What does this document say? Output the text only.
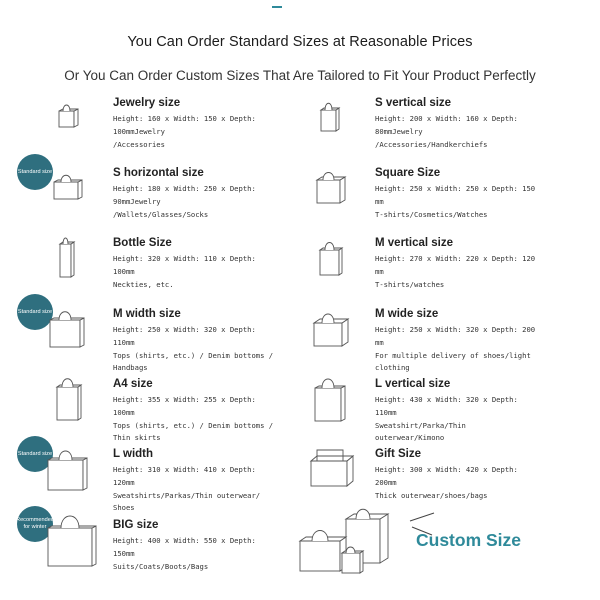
You Can Order Standard Sizes at Reasonable Prices
Or You Can Order Custom Sizes That Are Tailored to Fit Your Product Perfectly
Jewelry size
Height: 160 x Width: 150 x Depth:
100mmJewelry
/Accessories
Standard size	S horizontal size
Height: 180 x Width: 250 x Depth:
90mmJewelry
/Wallets/Glasses/Socks
Bottle Size
Height: 320 x Width: 110 x Depth:
100mm
Neckties, etc.
Standard size	M width size
Height: 250 x Width: 320 x Depth:
110mm
Tops (shirts, etc.) / Denim bottoms /
Handbags
A4 size
Height: 355 x Width: 255 x Depth:
100mm
Tops (shirts, etc.) / Denim bottoms /
Thin skirts
Standard size	L width
Height: 310 x Width: 410 x Depth:
120mm
Sweatshirts/Parkas/Thin outerwear/
Shoes
Recommended for winter	BIG size
Height: 400 x Width: 550 x Depth:
150mm
Suits/Coats/Boots/Bags
S vertical size
Height: 200 x Width: 160 x Depth:
80mmJewelry
/Accessories/Handkerchiefs
Square Size
Height: 250 x Width: 250 x Depth: 150
mm
T-shirts/Cosmetics/Watches
M vertical size
Height: 270 x Width: 220 x Depth: 120
mm
T-shirts/watches
M wide size
Height: 250 x Width: 320 x Depth: 200
mm
For multiple delivery of shoes/light
clothing
L vertical size
Height: 430 x Width: 320 x Depth:
110mm
Sweatshirt/Parka/Thin
outerwear/Kimono
Gift Size
Height: 300 x Width: 420 x Depth:
200mm
Thick outerwear/shoes/bags
Custom Size
